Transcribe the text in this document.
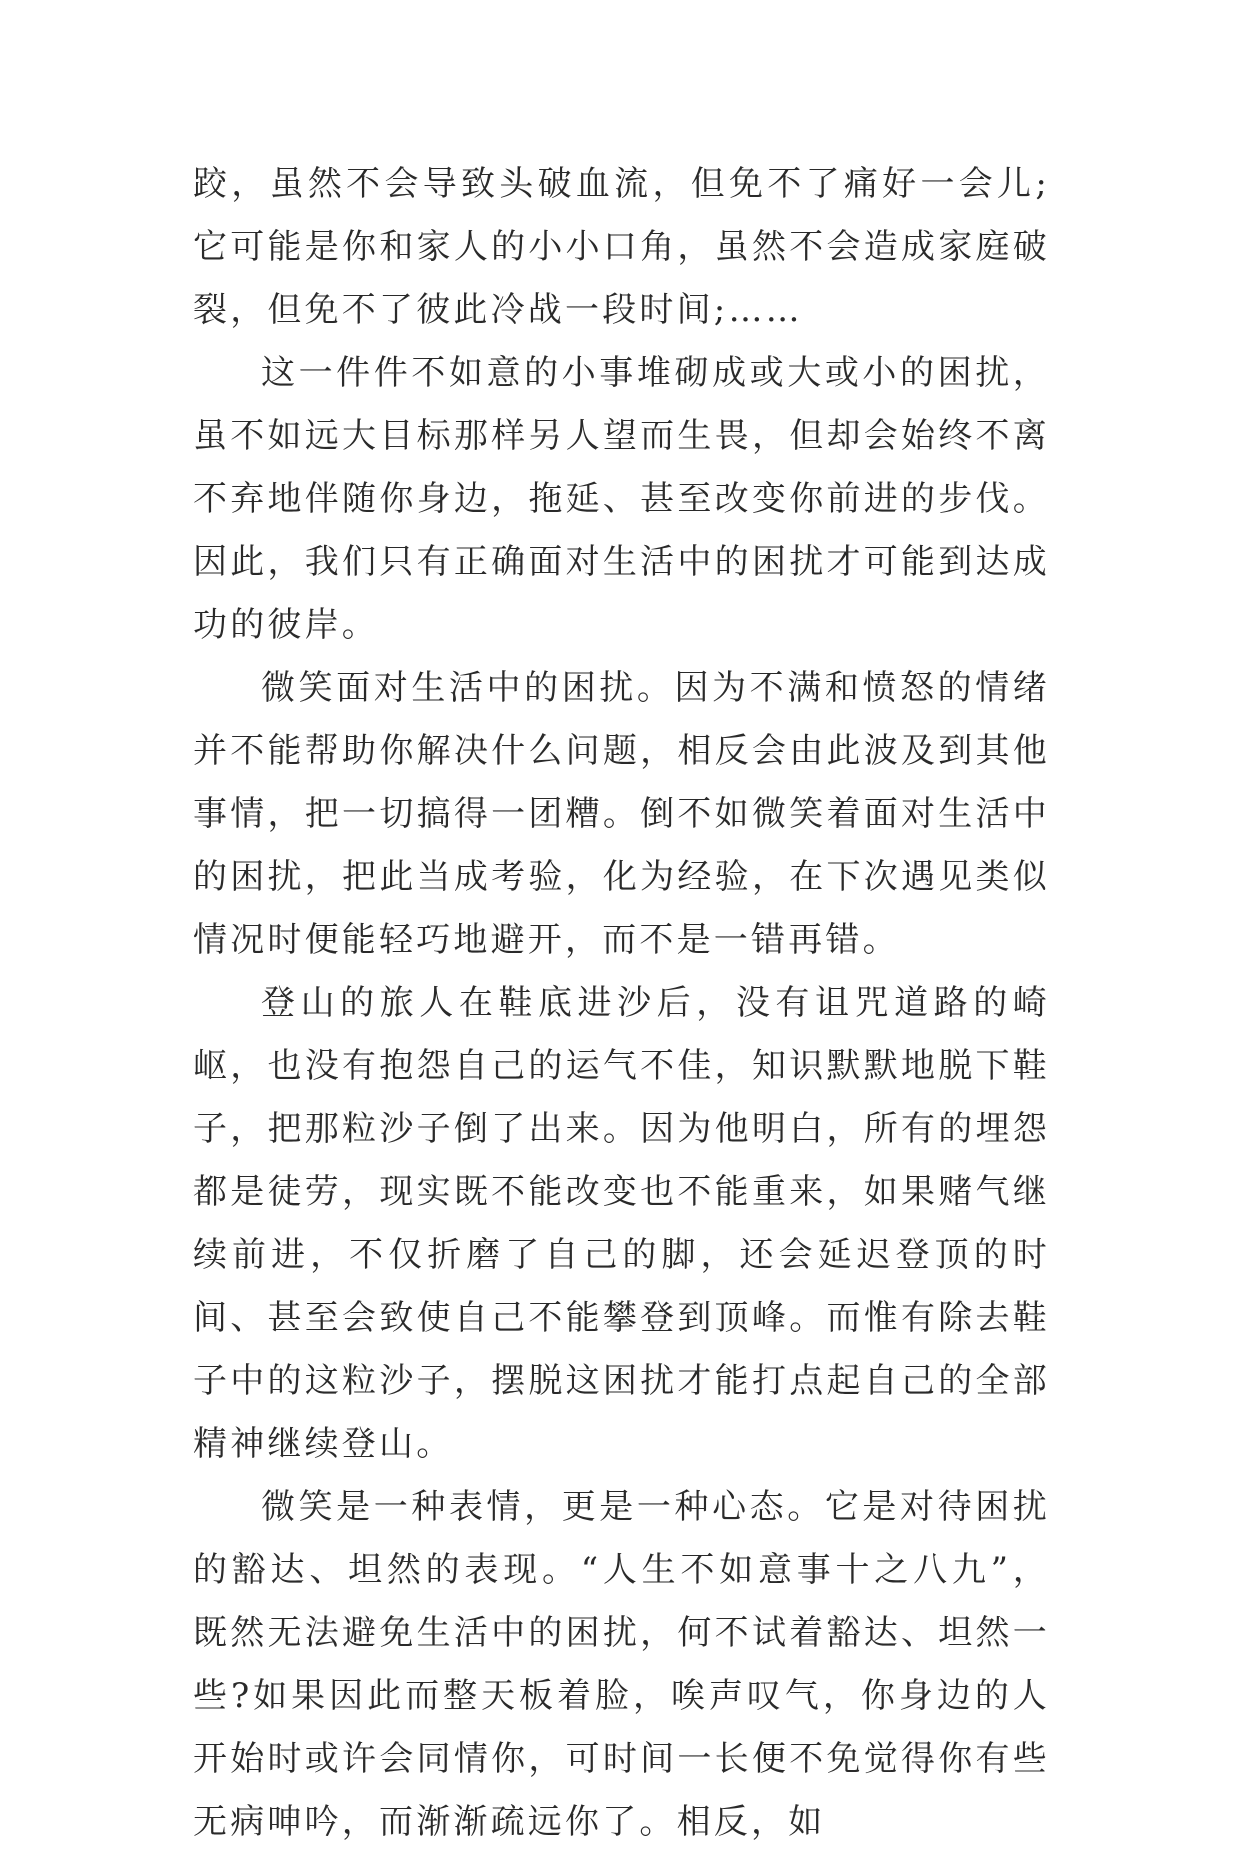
跤，虽然不会导致头破血流，但免不了痛好一会儿;它可能是你和家人的小小口角，虽然不会造成家庭破裂，但免不了彼此冷战一段时间;……

这一件件不如意的小事堆砌成或大或小的困扰，虽不如远大目标那样另人望而生畏，但却会始终不离不弃地伴随你身边，拖延、甚至改变你前进的步伐。因此，我们只有正确面对生活中的困扰才可能到达成功的彼岸。

微笑面对生活中的困扰。因为不满和愤怒的情绪并不能帮助你解决什么问题，相反会由此波及到其他事情，把一切搞得一团糟。倒不如微笑着面对生活中的困扰，把此当成考验，化为经验，在下次遇见类似情况时便能轻巧地避开，而不是一错再错。

登山的旅人在鞋底进沙后，没有诅咒道路的崎岖，也没有抱怨自己的运气不佳，知识默默地脱下鞋子，把那粒沙子倒了出来。因为他明白，所有的埋怨都是徒劳，现实既不能改变也不能重来，如果赌气继续前进，不仅折磨了自己的脚，还会延迟登顶的时间、甚至会致使自己不能攀登到顶峰。而惟有除去鞋子中的这粒沙子，摆脱这困扰才能打点起自己的全部精神继续登山。

微笑是一种表情，更是一种心态。它是对待困扰的豁达、坦然的表现。“人生不如意事十之八九”，既然无法避免生活中的困扰，何不试着豁达、坦然一些?如果因此而整天板着脸，唉声叹气，你身边的人开始时或许会同情你，可时间一长便不免觉得你有些无病呻吟，而渐渐疏远你了。相反，如
